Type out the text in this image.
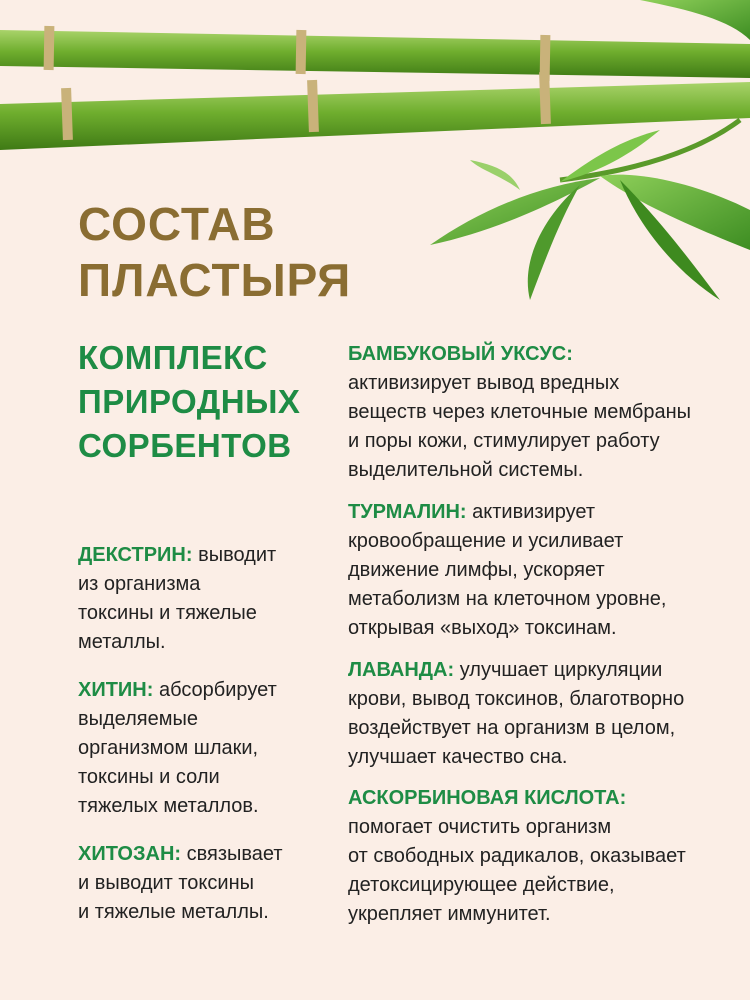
СОСТАВ
ПЛАСТЫРЯ
КОМПЛЕКС
ПРИРОДНЫХ
СОРБЕНТОВ

ДЕКСТРИН: выводит
из организма
токсины и тяжелые
металлы.

ХИТИН: абсорбирует
выделяемые
организмом шлаки,
токсины и соли
тяжелых металлов.

ХИТОЗАН: связывает
и выводит токсины
и тяжелые металлы.

БАМБУКОВЫЙ УКСУС:
активизирует вывод вредных
веществ через клеточные мембраны
и поры кожи, стимулирует работу
выделительной системы.

ТУРМАЛИН: активизирует
кровообращение и усиливает
движение лимфы, ускоряет
метаболизм на клеточном уровне,
открывая «выход» токсинам.

ЛАВАНДА: улучшает циркуляции
крови, вывод токсинов, благотворно
воздействует на организм в целом,
улучшает качество сна.

АСКОРБИНОВАЯ КИСЛОТА:
помогает очистить организм
от свободных радикалов, оказывает
детоксицирующее действие,
укрепляет иммунитет.
